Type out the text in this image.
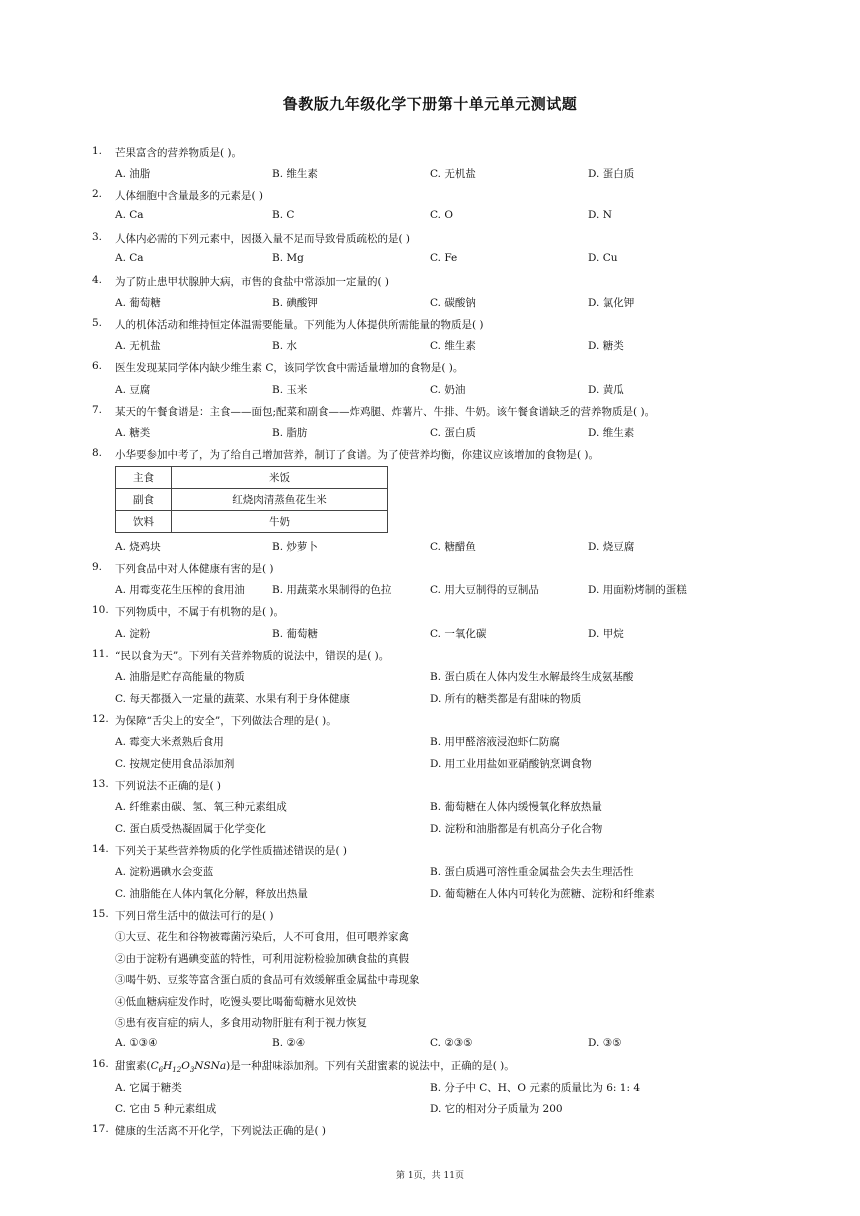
鲁教版九年级化学下册第十单元单元测试题
1. 芒果富含的营养物质是( )。
A. 油脂	B. 维生素	C. 无机盐	D. 蛋白质
2. 人体细胞中含量最多的元素是( )
A. Ca	B. C	C. O	D. N
3. 人体内必需的下列元素中，因摄入量不足而导致骨质疏松的是( )
A. Ca	B. Mg	C. Fe	D. Cu
4. 为了防止患甲状腺肿大病，市售的食盐中常添加一定量的( )
A. 葡萄糖	B. 碘酸钾	C. 碳酸钠	D. 氯化钾
5. 人的机体活动和维持恒定体温需要能量。下列能为人体提供所需能量的物质是( )
A. 无机盐	B. 水	C. 维生素	D. 糖类
6. 医生发现某同学体内缺少维生素 C，该同学饮食中需适量增加的食物是( )。
A. 豆腐	B. 玉米	C. 奶油	D. 黄瓜
7. 某天的午餐食谱是：主食——面包;配菜和副食——炸鸡腿、炸薯片、牛排、牛奶。该午餐食谱缺乏的营养物质是( )。
A. 糖类	B. 脂肪	C. 蛋白质	D. 维生素
8. 小华要参加中考了，为了给自己增加营养，制订了食谱。为了使营养均衡，你建议应该增加的食物是( )。
主食	米饭
副食	红烧肉清蒸鱼花生米
饮料	牛奶
A. 烧鸡块	B. 炒萝卜	C. 糖醋鱼	D. 烧豆腐
9. 下列食品中对人体健康有害的是( )
A. 用霉变花生压榨的食用油	B. 用蔬菜水果制得的色拉	C. 用大豆制得的豆制品	D. 用面粉烤制的蛋糕
10. 下列物质中，不属于有机物的是( )。
A. 淀粉	B. 葡萄糖	C. 一氧化碳	D. 甲烷
11. “民以食为天”。下列有关营养物质的说法中，错误的是( )。
A. 油脂是贮存高能量的物质	B. 蛋白质在人体内发生水解最终生成氨基酸
C. 每天都摄入一定量的蔬菜、水果有利于身体健康	D. 所有的糖类都是有甜味的物质
12. 为保障“舌尖上的安全”，下列做法合理的是( )。
A. 霉变大米煮熟后食用	B. 用甲醛溶液浸泡虾仁防腐
C. 按规定使用食品添加剂	D. 用工业用盐如亚硝酸钠烹调食物
13. 下列说法不正确的是( )
A. 纤维素由碳、氢、氧三种元素组成	B. 葡萄糖在人体内缓慢氧化释放热量
C. 蛋白质受热凝固属于化学变化	D. 淀粉和油脂都是有机高分子化合物
14. 下列关于某些营养物质的化学性质描述错误的是( )
A. 淀粉遇碘水会变蓝	B. 蛋白质遇可溶性重金属盐会失去生理活性
C. 油脂能在人体内氧化分解，释放出热量	D. 葡萄糖在人体内可转化为蔗糖、淀粉和纤维素
15. 下列日常生活中的做法可行的是( )
①大豆、花生和谷物被霉菌污染后，人不可食用，但可喂养家禽
②由于淀粉有遇碘变蓝的特性，可利用淀粉检验加碘食盐的真假
③喝牛奶、豆浆等富含蛋白质的食品可有效缓解重金属盐中毒现象
④低血糖病症发作时，吃馒头要比喝葡萄糖水见效快
⑤患有夜盲症的病人，多食用动物肝脏有利于视力恢复
A. ①③④	B. ②④	C. ②③⑤	D. ③⑤
16. 甜蜜素$(C_6H_{12}O_3NSNa)$是一种甜味添加剂。下列有关甜蜜素的说法中，正确的是( )。
A. 它属于糖类	B. 分子中 C、H、O 元素的质量比为 6: 1: 4
C. 它由 5 种元素组成	D. 它的相对分子质量为 200
17. 健康的生活离不开化学，下列说法正确的是( )
第 1页，共 11页
